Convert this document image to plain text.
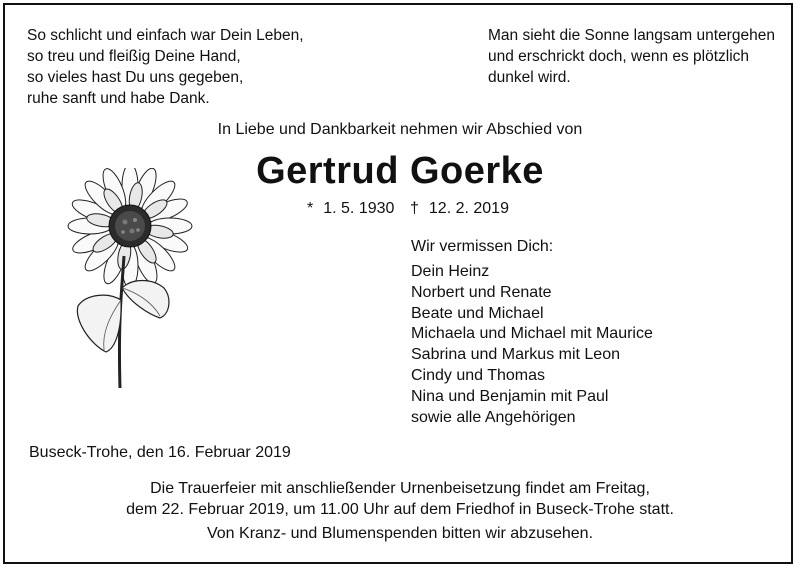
So schlicht und einfach war Dein Leben,
so treu und fleißig Deine Hand,
so vieles hast Du uns gegeben,
ruhe sanft und habe Dank.
Man sieht die Sonne langsam untergehen
und erschrickt doch, wenn es plötzlich
dunkel wird.
In Liebe und Dankbarkeit nehmen wir Abschied von
Gertrud Goerke
* 1. 5. 1930 † 12. 2. 2019
Wir vermissen Dich:
Dein Heinz
Norbert und Renate
Beate und Michael
Michaela und Michael mit Maurice
Sabrina und Markus mit Leon
Cindy und Thomas
Nina und Benjamin mit Paul
sowie alle Angehörigen
Buseck-Trohe, den 16. Februar 2019
Die Trauerfeier mit anschließender Urnenbeisetzung findet am Freitag,
dem 22. Februar 2019, um 11.00 Uhr auf dem Friedhof in Buseck-Trohe statt.
Von Kranz- und Blumenspenden bitten wir abzusehen.
